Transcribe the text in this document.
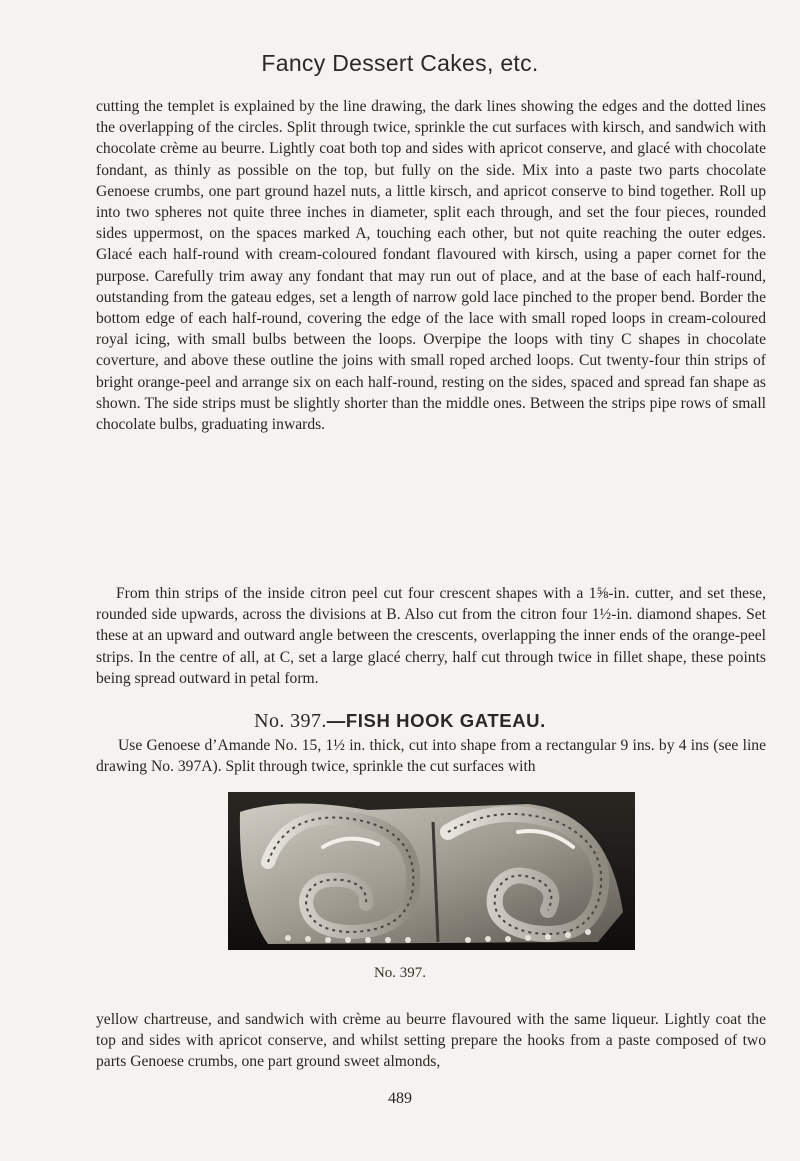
Fancy Dessert Cakes, etc.

cutting the templet is explained by the line drawing, the dark lines showing the edges and the dotted lines the overlapping of the circles. Split through twice, sprinkle the cut surfaces with kirsch, and sandwich with chocolate crème au beurre. Lightly coat both top and sides with apricot conserve, and glacé with chocolate fondant, as thinly as possible on the top, but fully on the side. Mix into a paste two parts chocolate Genoese crumbs, one part ground hazel nuts, a little kirsch, and apricot conserve to bind together. Roll up into two spheres not quite three inches in diameter, split each through, and set the four pieces, rounded sides uppermost, on the spaces marked A, touching each other, but not quite reaching the outer edges. Glacé each half-round with cream-coloured fondant flavoured with kirsch, using a paper cornet for the purpose. Carefully trim away any fondant that may run out of place, and at the base of each half-round, outstanding from the gateau edges, set a length of narrow gold lace pinched to the proper bend. Border the bottom edge of each half-round, covering the edge of the lace with small roped loops in cream-coloured royal icing, with small bulbs between the loops. Overpipe the loops with tiny C shapes in chocolate coverture, and above these outline the joins with small roped arched loops. Cut twenty-four thin strips of bright orange-peel and arrange six on each half-round, resting on the sides, spaced and spread fan shape as shown. The side strips must be slightly shorter than the middle ones. Between the strips pipe rows of small chocolate bulbs, graduating inwards.

From thin strips of the inside citron peel cut four crescent shapes with a 1⅝-in. cutter, and set these, rounded side upwards, across the divisions at B. Also cut from the citron four 1½-in. diamond shapes. Set these at an upward and outward angle between the crescents, overlapping the inner ends of the orange-peel strips. In the centre of all, at C, set a large glacé cherry, half cut through twice in fillet shape, these points being spread outward in petal form.

No. 397.—FISH HOOK GATEAU.

Use Genoese d’Amande No. 15, 1½ in. thick, cut into shape from a rectangular 9 ins. by 4 ins (see line drawing No. 397A). Split through twice, sprinkle the cut surfaces with

No. 397.

yellow chartreuse, and sandwich with crème au beurre flavoured with the same liqueur. Lightly coat the top and sides with apricot conserve, and whilst setting prepare the hooks from a paste composed of two parts Genoese crumbs, one part ground sweet almonds,

489
